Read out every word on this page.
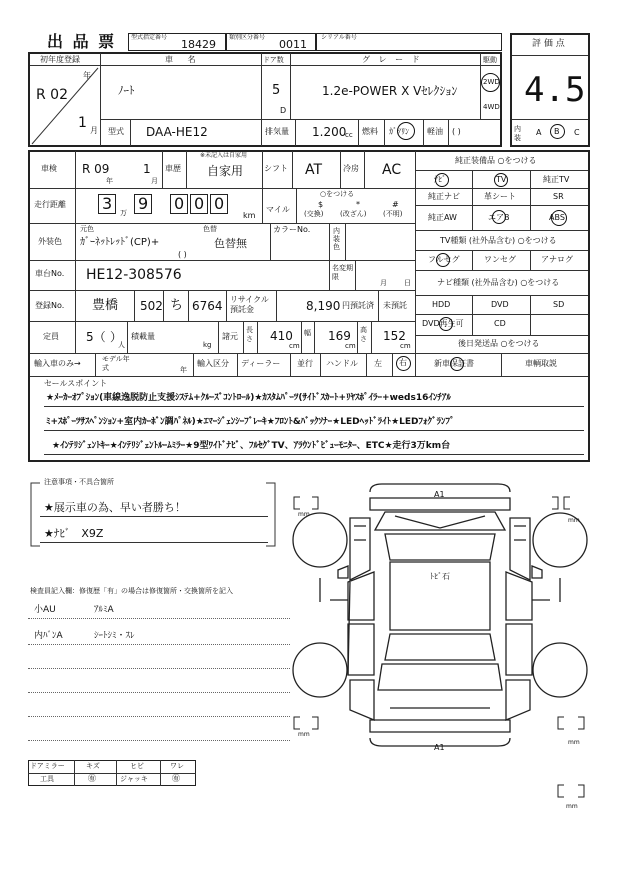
出 品 票 型式指定番号
18429
類別区分番号
0011
シリアル番号
評 価 点
4.5
内装
A B C
初年度登録
R 02
年
1 月
車 名
ﾉｰﾄ
ドア数
5
D
グ レ ー ド
1.2e-POWER X Vｾﾚｸｼｮﾝ
駆動
2WD
4WD
型式 DAA-HE12	排気量 1.200
cc 燃料 ｶﾞｿﾘﾝ 軽油 ( )
車検 R 09
年
1
月
車歴
※未記入は自家用
自家用	シフト AT	冷房 AC
走行距離 3 万 9 0 0 0
km
マイル
○をつける
$
(交換)
*
(改ざん)
#
(不明)
外装色
元色
ｶﾞｰﾈｯﾄﾚｯﾄﾞ(CP)+
色替
色替無
( )
カラーNo.	内装色
車台No. HE12-308576	名変期限
月 日
登録No. 豊橋 502 ち 6764 リサイクル預託金	8,190 円預託済 未預託
定員 5（ ）
人
積載量
kg
諸元
長さ 410
cm
幅 169
cm
高さ 152
cm
輸入車のみ→	モデル年式	年
輸入区分 ディーラー 並行 ハンドル 左 右
純正装備品 ○をつける
ﾅﾋﾞ	TV	純正TV
純正ナビ	革シート	SR
純正AW	エアB	ABS
TV種類 (社外品含む) ○をつける
フルセグ	ワンセグ	アナログ
ナビ種類 (社外品含む) ○をつける
HDD	DVD	SD
DVD再生可	CD
後日発送品 ○をつける
新車保証書	車輌取説
セールスポイント
★ﾒｰｶｰｵﾌﾟｼｮﾝ(車線逸脱防止支援ｼｽﾃﾑ+ｸﾙｰｽﾞｺﾝﾄﾛｰﾙ)★ｶｽﾀﾑﾊﾟｰﾂ(ｻｲﾄﾞｽｶｰﾄ+ﾘﾔｽﾎﾟｲﾗｰ+weds16ｲﾝﾁｱﾙ
ﾐ+ｽﾎﾟｰﾂｻｽﾍﾟﾝｼｮﾝ+室内ｶｰﾎﾞﾝ調ﾊﾟﾈﾙ)★ｴﾏｰｼﾞｪﾝｼｰﾌﾞﾚｰｷ★ﾌﾛﾝﾄ&ﾊﾞｯｸｿﾅｰ★LEDﾍｯﾄﾞﾗｲﾄ★LEDﾌｫｸﾞﾗﾝﾌﾟ
★ｲﾝﾃﾘｼﾞｪﾝﾄｷｰ★ｲﾝﾃﾘｼﾞｪﾝﾄﾙｰﾑﾐﾗｰ★9型ﾜｲﾄﾞﾅﾋﾞ、ﾌﾙｾｸﾞTV、ｱﾗｳﾝﾄﾞﾋﾞｭｰﾓﾆﾀｰ、ETC★走行3万km台
注意事項・不具合箇所
★展示車の為、早い者勝ち！
★ﾅﾋﾞ　X9Z
検査員記入欄：修復歴「有」の場合は修復箇所・交換箇所を記入
小AU	ｱﾙﾐA
内ﾊﾞﾝA	ｼｰﾄｼﾐ・ｽﾚ
ドアミラー	キズ	ヒビ	ワレ
工具	㊒	ジャッキ	㊒
mm
mm
mm
mm
mm
A1
ﾄﾋﾞ石
A1
